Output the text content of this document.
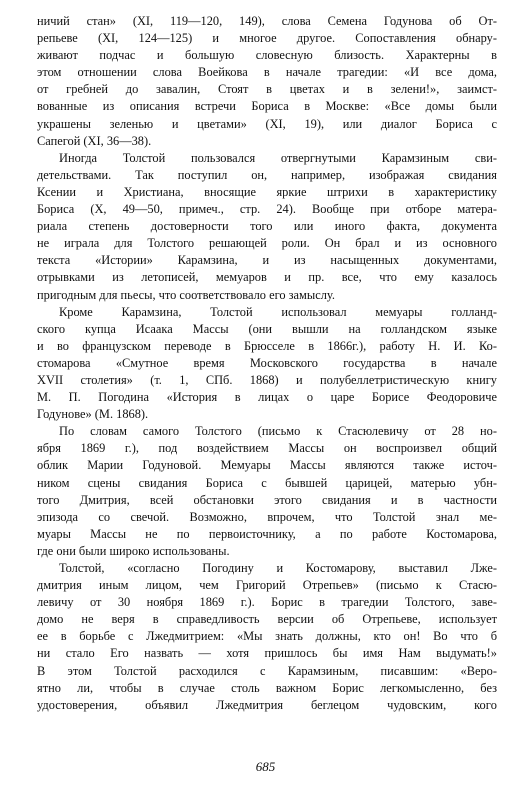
ничий стан» (XI, 119—120, 149), слова Семена Годунова об От-
репьеве (XI, 124—125) и многое другое. Сопоставления обнару-
живают подчас и большую словесную близость. Характерны в
этом отношении слова Воейкова в начале трагедии: «И все дома,
от гребней до завалин, Стоят в цветах и в зелени!», заимст-
вованные из описания встречи Бориса в Москве: «Все домы были
украшены зеленью и цветами» (XI, 19), или диалог Бориса с
Сапегой (XI, 36—38).

Иногда Толстой пользовался отвергнутыми Карамзиным сви-
детельствами. Так поступил он, например, изображая свидания
Ксении и Христиана, вносящие яркие штрихи в характеристику
Бориса (Х, 49—50, примеч., стр. 24). Вообще при отборе матера-
риала степень достоверности того или иного факта, документа
не играла для Толстого решающей роли. Он брал и из основного
текста «Истории» Карамзина, и из насыщенных документами,
отрывками из летописей, мемуаров и пр. все, что ему казалось
пригодным для пьесы, что соответствовало его замыслу.

Кроме Карамзина, Толстой использовал мемуары голланд-
ского купца Исаака Массы (они вышли на голландском языке
и во французском переводе в Брюсселе в 1866г.), работу Н. И. Ко-
стомарова «Смутное время Московского государства в начале
XVII столетия» (т. 1, СПб. 1868) и полубеллетристическую книгу
М. П. Погодина «История в лицах о царе Борисе Феодоровиче
Годунове» (М. 1868).

По словам самого Толстого (письмо к Стасюлевичу от 28 но-
ября 1869 г.), под воздействием Массы он воспроизвел общий
облик Марии Годуновой. Мемуары Массы являются также источ-
ником сцены свидания Бориса с бывшей царицей, матерью убн-
того Дмитрия, всей обстановки этого свидания и в частности
эпизода со свечой. Возможно, впрочем, что Толстой знал ме-
муары Массы не по первоисточнику, а по работе Костомарова,
где они были широко использованы.

Толстой, «согласно Погодину и Костомарову, выставил Лже-
дмитрия иным лицом, чем Григорий Отрепьев» (письмо к Стасю-
левичу от 30 ноября 1869 г.). Борис в трагедии Толстого, заве-
домо не веря в справедливость версии об Отрепьеве, использует
ее в борьбе с Лжедмитрием: «Мы знать должны, кто он! Во что б
ни стало Его назвать — хотя пришлось бы имя Нам выдумать!»
В этом Толстой расходился с Карамзиным, писавшим: «Веро-
ятно ли, чтобы в случае столь важном Борис легкомысленно, без
удостоверения, объявил Лжедмитрия беглецом чудовским, когo

685
